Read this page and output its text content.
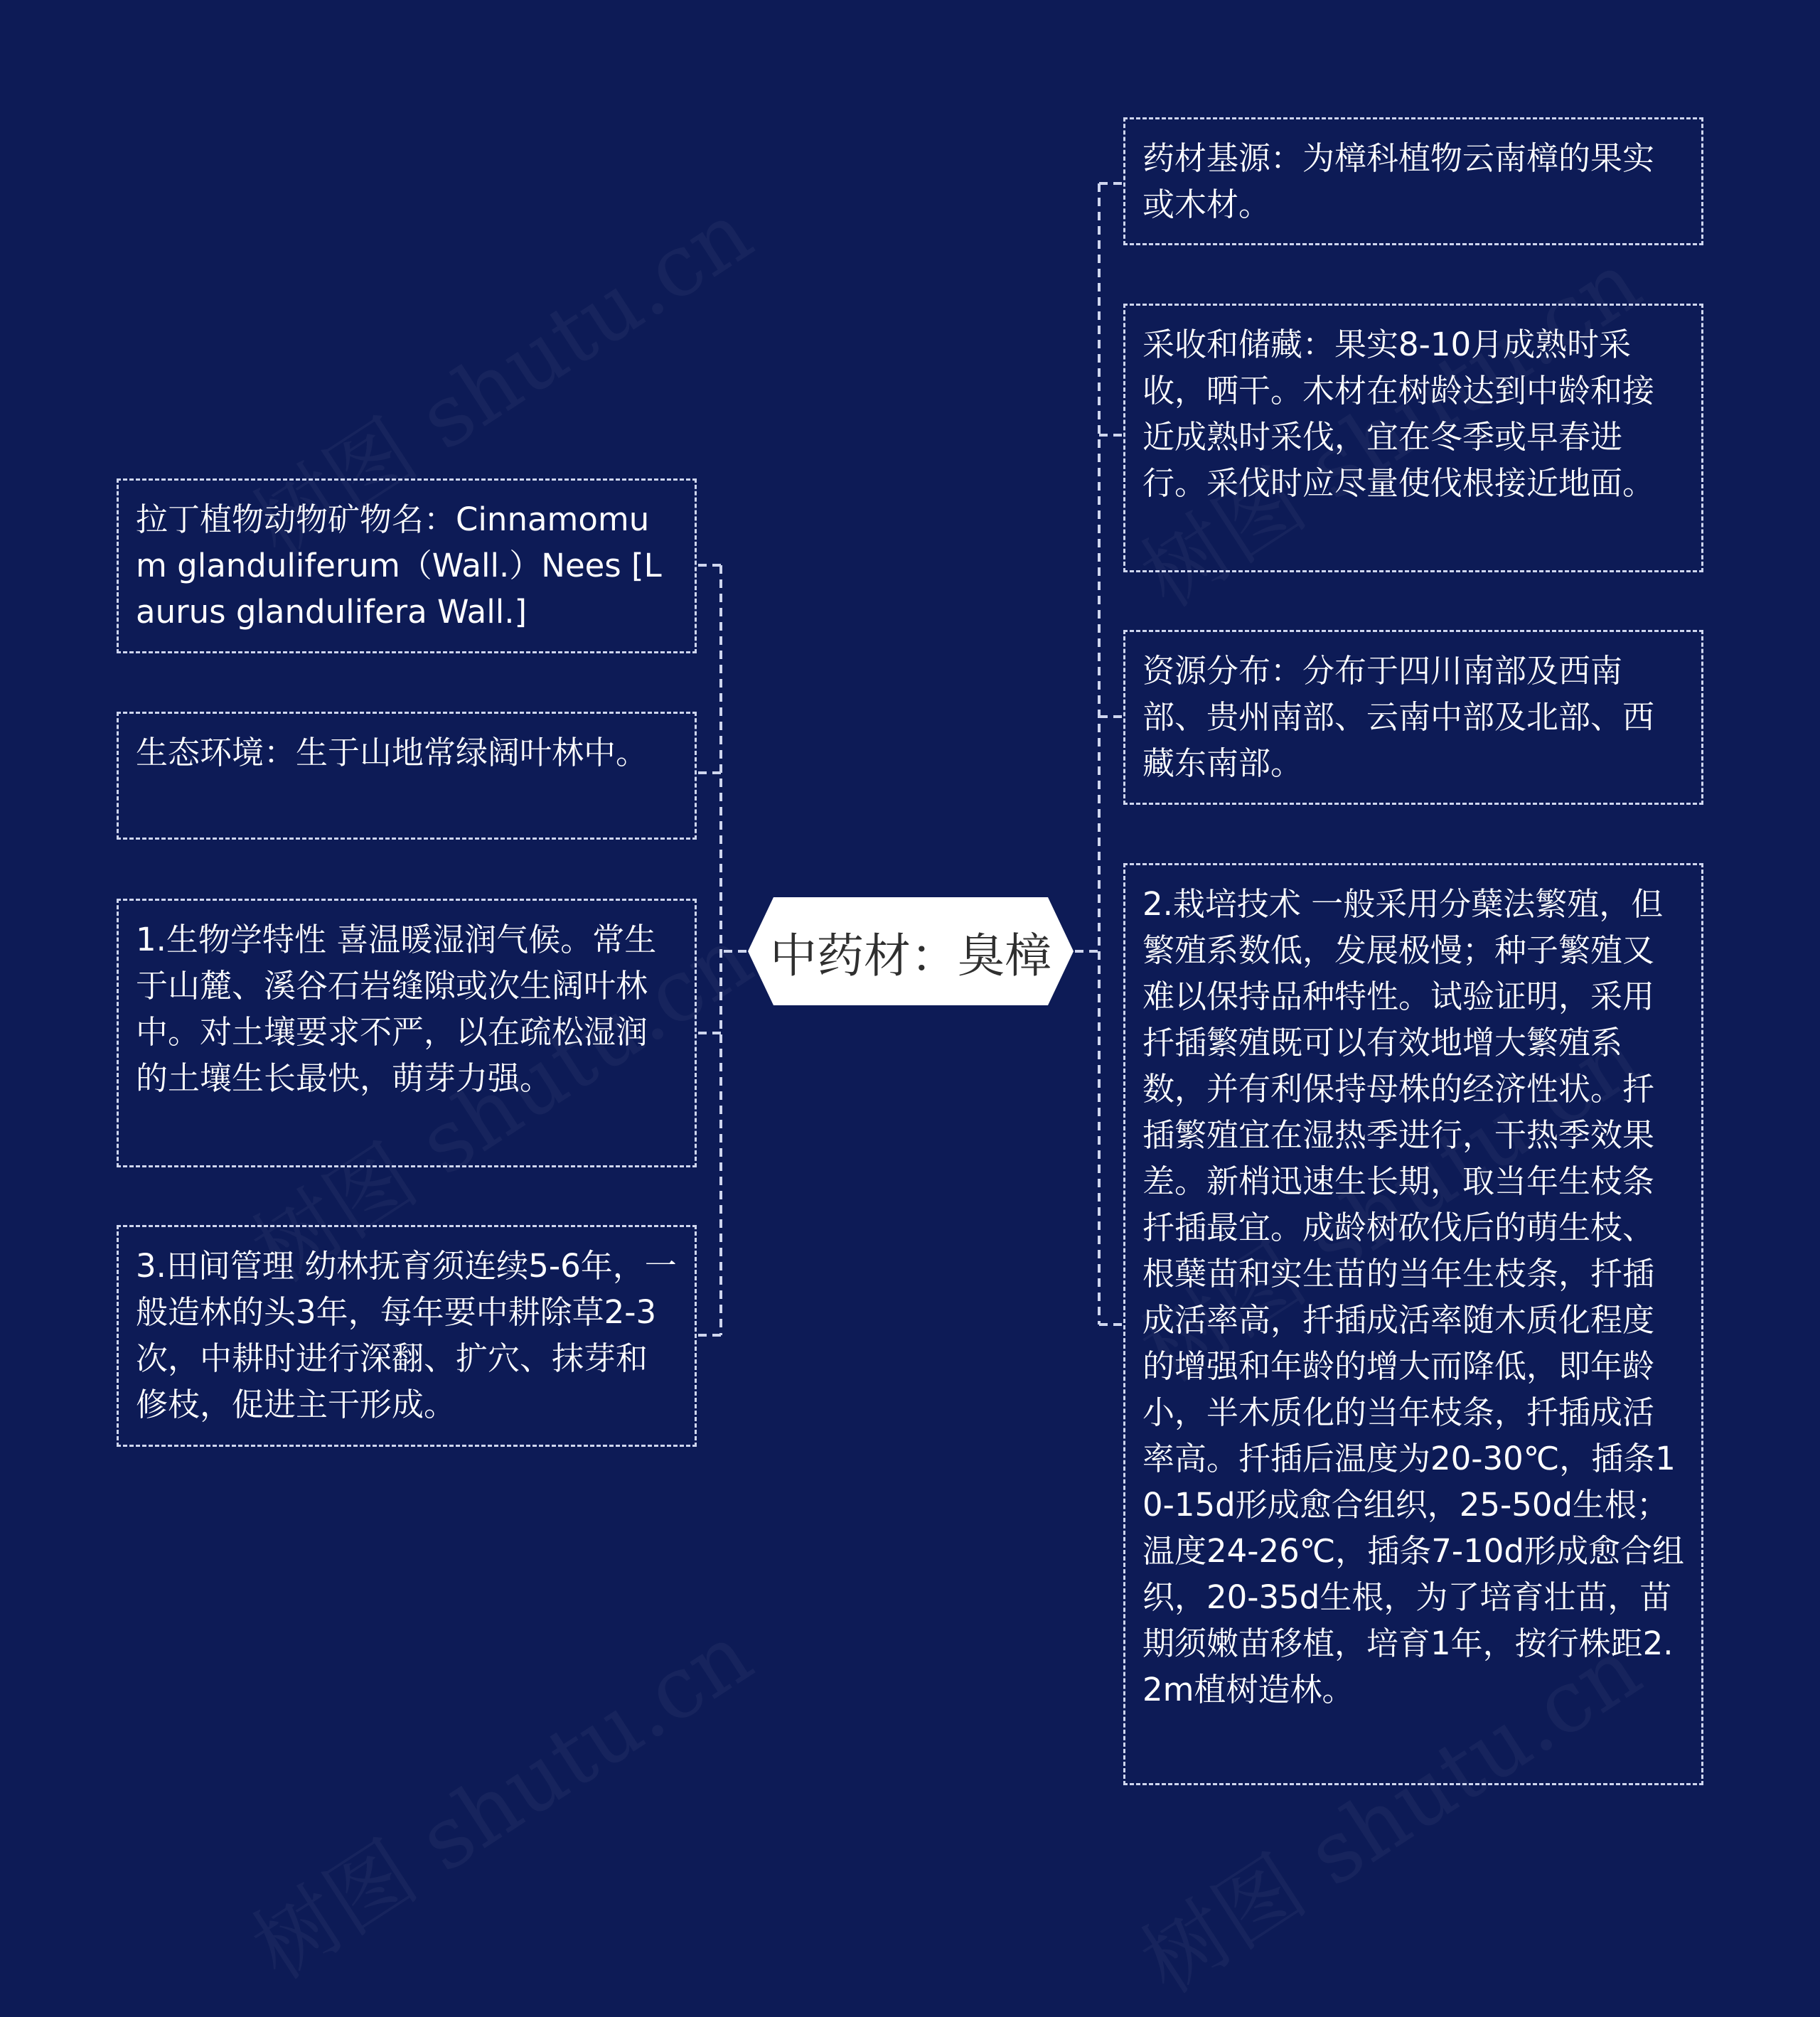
中药材：臭樟
拉丁植物动物矿物名：Cinnamomum glanduliferum（Wall.）Nees [Laurus glandulifera Wall.]
生态环境：生于山地常绿阔叶林中。
1.生物学特性 喜温暖湿润气候。常生于山麓、溪谷石岩缝隙或次生阔叶林中。对土壤要求不严，以在疏松湿润的土壤生长最快，萌芽力强。
3.田间管理 幼林抚育须连续5-6年，一般造林的头3年，每年要中耕除草2-3次，中耕时进行深翻、扩穴、抹芽和修枝，促进主干形成。
药材基源：为樟科植物云南樟的果实或木材。
采收和储藏：果实8-10月成熟时采收，晒干。木材在树龄达到中龄和接近成熟时采伐，宜在冬季或早春进行。采伐时应尽量使伐根接近地面。
资源分布：分布于四川南部及西南部、贵州南部、云南中部及北部、西藏东南部。
2.栽培技术 一般采用分蘖法繁殖，但繁殖系数低，发展极慢；种子繁殖又难以保持品种特性。试验证明，采用扦插繁殖既可以有效地增大繁殖系数，并有利保持母株的经济性状。扦插繁殖宜在湿热季进行，干热季效果差。新梢迅速生长期，取当年生枝条扦插最宜。成龄树砍伐后的萌生枝、根蘖苗和实生苗的当年生枝条，扦插成活率高，扦插成活率随木质化程度的增强和年龄的增大而降低，即年龄小，半木质化的当年枝条，扦插成活率高。扦插后温度为20-30℃，插条10-15d形成愈合组织，25-50d生根；温度24-26℃，插条7-10d形成愈合组织，20-35d生根，为了培育壮苗，苗期须嫩苗移植，培育1年，按行株距2.2m植树造林。
